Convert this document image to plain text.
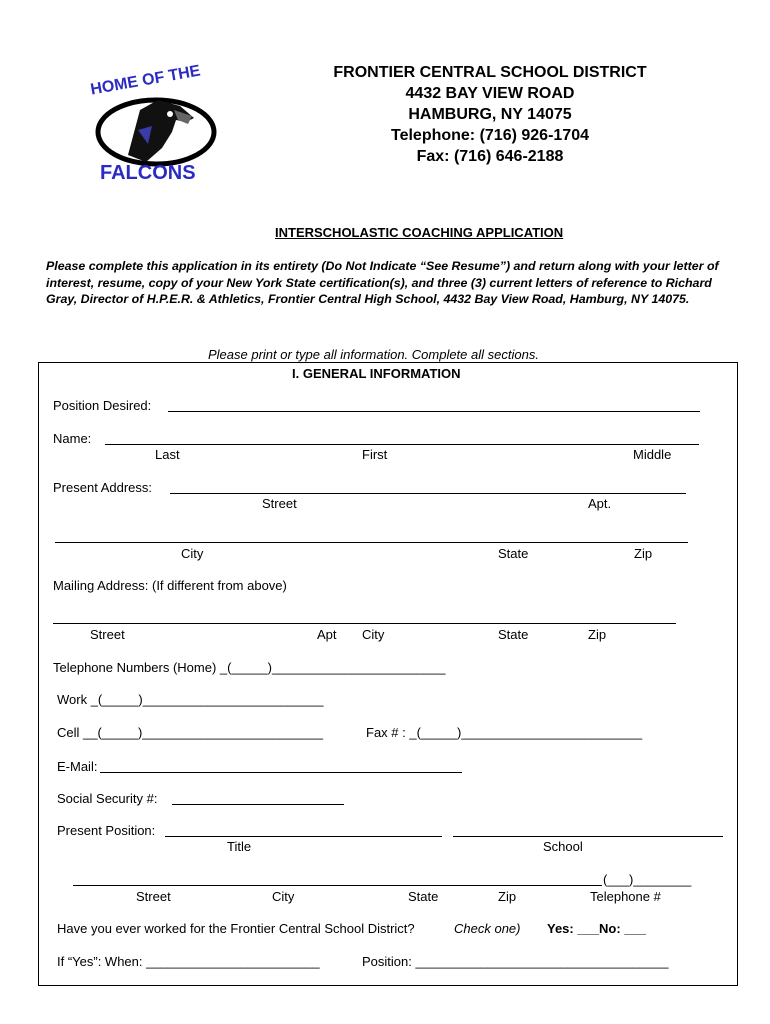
HOME OF THE
FALCONS
FRONTIER CENTRAL SCHOOL DISTRICT
4432 BAY VIEW ROAD
HAMBURG, NY 14075
Telephone: (716) 926-1704
Fax: (716) 646-2188
INTERSCHOLASTIC COACHING APPLICATION
Please complete this application in its entirety (Do Not Indicate “See Resume”) and return along with your letter of interest, resume, copy of your New York State certification(s), and three (3) current letters of reference to Richard Gray, Director of H.P.E.R. & Athletics, Frontier Central High School, 4432 Bay View Road, Hamburg, NY 14075.
Please print or type all information. Complete all sections.
I. GENERAL INFORMATION
Position Desired:
Name:
Last	First	Middle
Present Address:
Street	Apt.
City	State	Zip
Mailing Address: (If different from above)
Street	Apt City	State	Zip
Telephone Numbers (Home) _(_____)________________________
Work _(_____)_________________________
Cell __(_____)_________________________	Fax # : _(_____)_________________________
E-Mail:
Social Security #:
Present Position:
Title	School
(___)________
Street	City	State	Zip	Telephone #
Have you ever worked for the Frontier Central School District?	Check one) Yes: ___No: ___
If “Yes”: When: ________________________	Position: ___________________________________
